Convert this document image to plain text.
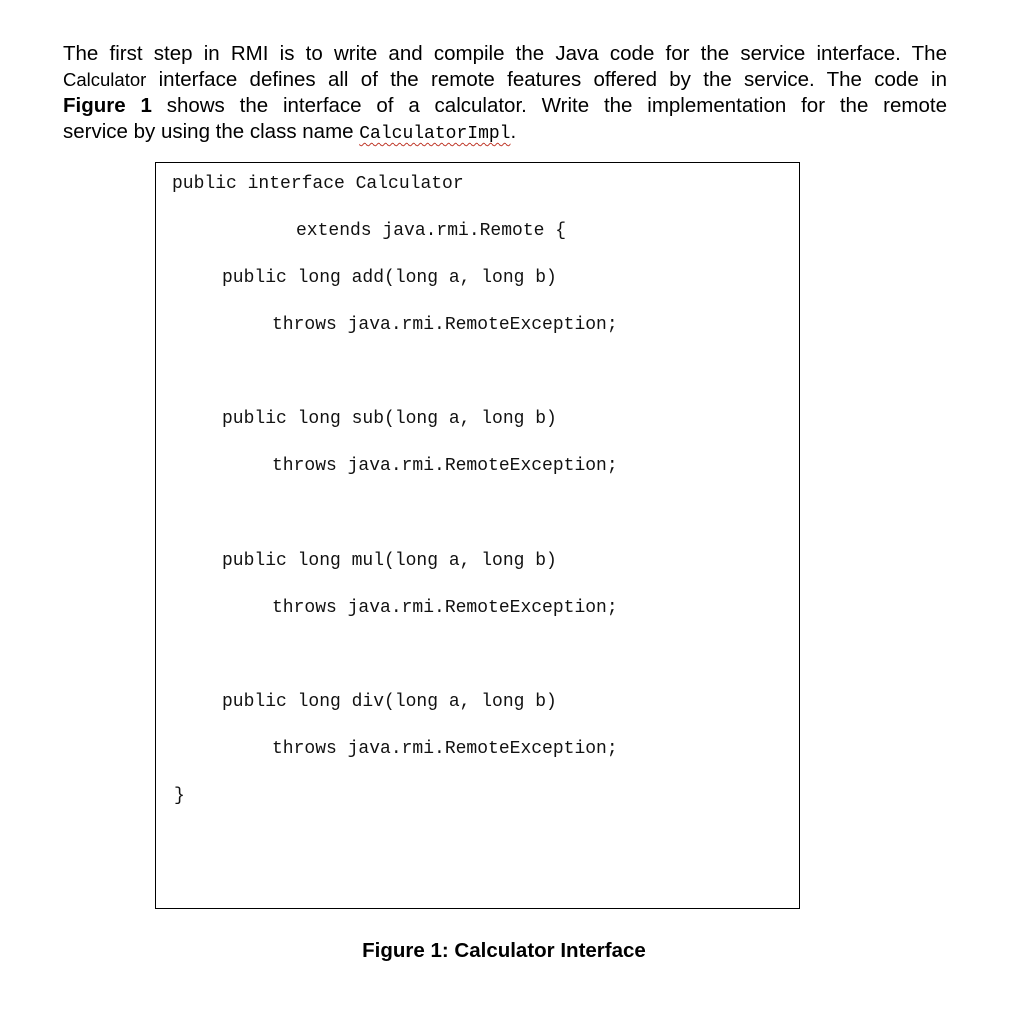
The first step in RMI is to write and compile the Java code for the service interface. The
Calculator interface defines all of the remote features offered by the service. The code in
Figure 1 shows the interface of a calculator. Write the implementation for the remote
service by using the class name CalculatorImpl.
public interface Calculator
extends java.rmi.Remote {
public long add(long a, long b)
throws java.rmi.RemoteException;
public long sub(long a, long b)
throws java.rmi.RemoteException;
public long mul(long a, long b)
throws java.rmi.RemoteException;
public long div(long a, long b)
throws java.rmi.RemoteException;
}
Figure 1: Calculator Interface
